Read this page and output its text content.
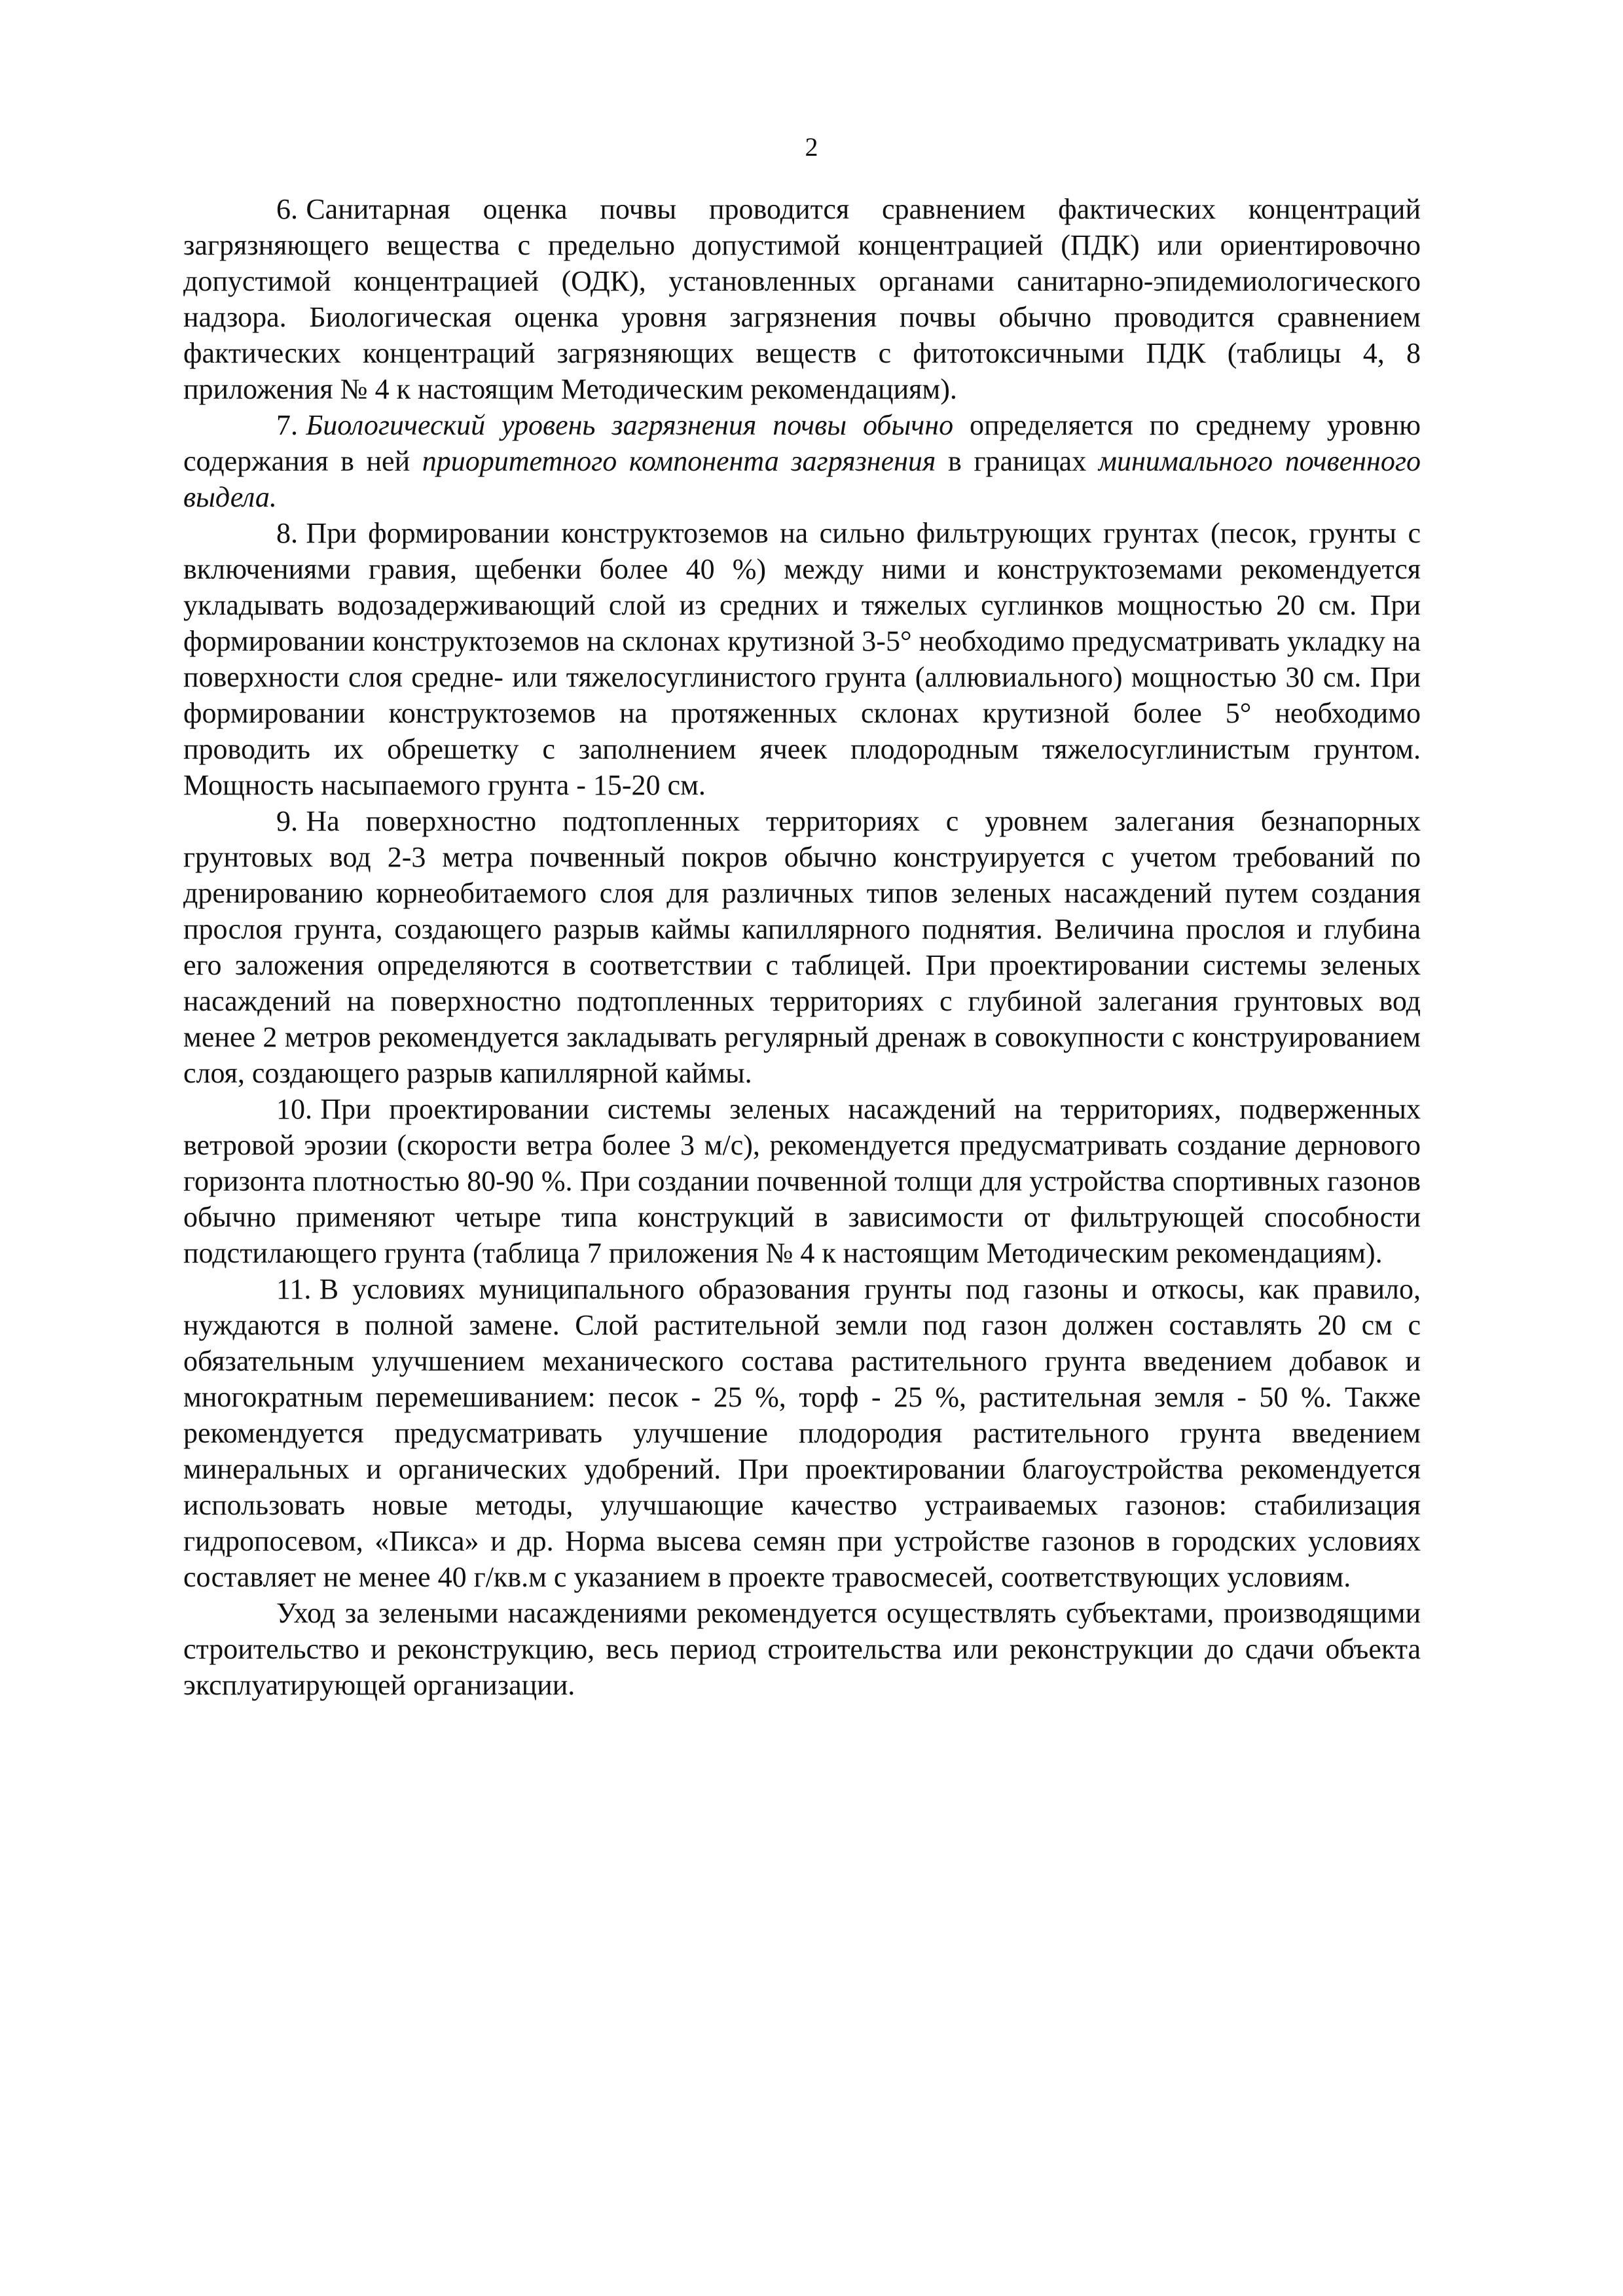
2

6. Санитарная оценка почвы проводится сравнением фактических концентраций загрязняющего вещества с предельно допустимой концентрацией (ПДК) или ориентировочно допустимой концентрацией (ОДК), установленных органами санитарно-эпидемиологического надзора. Биологическая оценка уровня загрязнения почвы обычно проводится сравнением фактических концентраций загрязняющих веществ с фитотоксичными ПДК (таблицы 4, 8 приложения № 4 к настоящим Методическим рекомендациям).

7. Биологический уровень загрязнения почвы обычно определяется по среднему уровню содержания в ней приоритетного компонента загрязнения в границах минимального почвенного выдела.

8. При формировании конструктоземов на сильно фильтрующих грунтах (песок, грунты с включениями гравия, щебенки более 40 %) между ними и конструктоземами рекомендуется укладывать водозадерживающий слой из средних и тяжелых суглинков мощностью 20 см. При формировании конструктоземов на склонах крутизной 3-5° необходимо предусматривать укладку на поверхности слоя средне- или тяжелосуглинистого грунта (аллювиального) мощностью 30 см. При формировании конструктоземов на протяженных склонах крутизной более 5° необходимо проводить их обрешетку с заполнением ячеек плодородным тяжелосуглинистым грунтом. Мощность насыпаемого грунта - 15-20 см.

9. На поверхностно подтопленных территориях с уровнем залегания безнапорных грунтовых вод 2-3 метра почвенный покров обычно конструируется с учетом требований по дренированию корнеобитаемого слоя для различных типов зеленых насаждений путем создания прослоя грунта, создающего разрыв каймы капиллярного поднятия. Величина прослоя и глубина его заложения определяются в соответствии с таблицей. При проектировании системы зеленых насаждений на поверхностно подтопленных территориях с глубиной залегания грунтовых вод менее 2 метров рекомендуется закладывать регулярный дренаж в совокупности с конструированием слоя, создающего разрыв капиллярной каймы.

10. При проектировании системы зеленых насаждений на территориях, подверженных ветровой эрозии (скорости ветра более 3 м/с), рекомендуется предусматривать создание дернового горизонта плотностью 80-90 %. При создании почвенной толщи для устройства спортивных газонов обычно применяют четыре типа конструкций в зависимости от фильтрующей способности подстилающего грунта (таблица 7 приложения № 4 к настоящим Методическим рекомендациям).

11. В условиях муниципального образования грунты под газоны и откосы, как правило, нуждаются в полной замене. Слой растительной земли под газон должен составлять 20 см с обязательным улучшением механического состава растительного грунта введением добавок и многократным перемешиванием: песок - 25 %, торф - 25 %, растительная земля - 50 %. Также рекомендуется предусматривать улучшение плодородия растительного грунта введением минеральных и органических удобрений. При проектировании благоустройства рекомендуется использовать новые методы, улучшающие качество устраиваемых газонов: стабилизация гидропосевом, «Пикса» и др. Норма высева семян при устройстве газонов в городских условиях составляет не менее 40 г/кв.м с указанием в проекте травосмесей, соответствующих условиям.

Уход за зелеными насаждениями рекомендуется осуществлять субъектами, производящими строительство и реконструкцию, весь период строительства или реконструкции до сдачи объекта эксплуатирующей организации.
